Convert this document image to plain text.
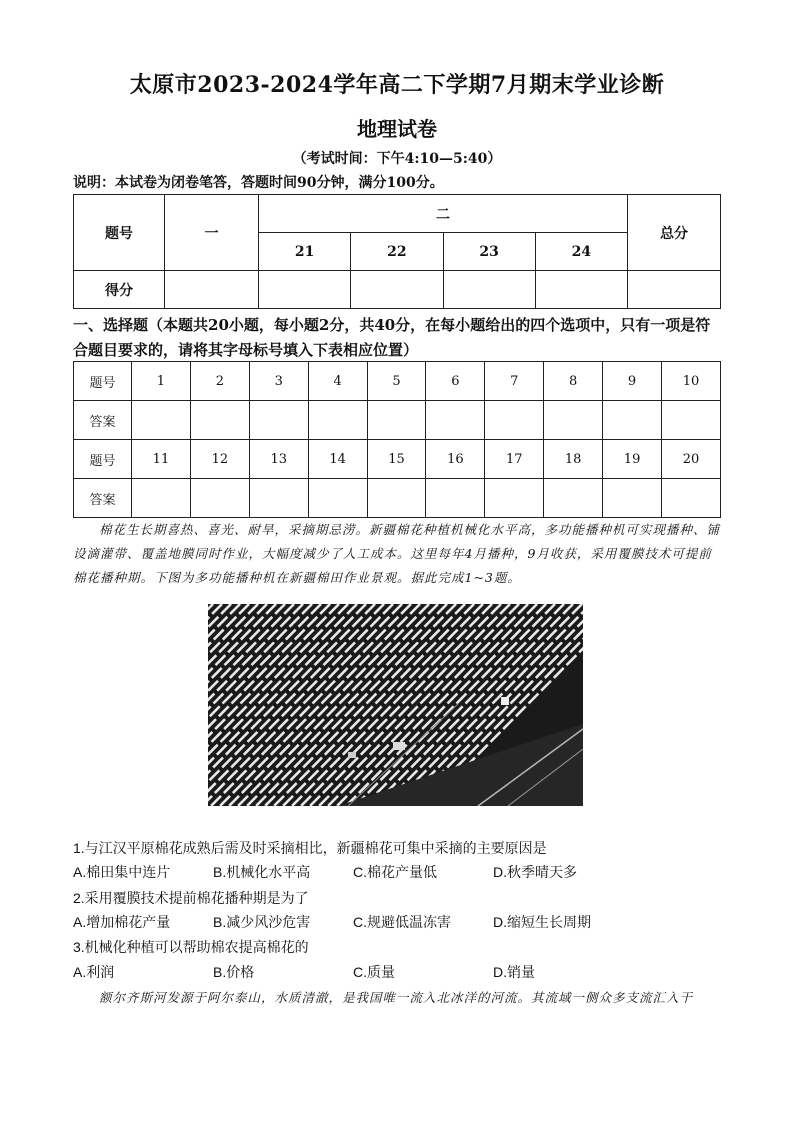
太原市2023-2024学年高二下学期7月期末学业诊断
地理试卷
（考试时间：下午4:10—5:40）
说明：本试卷为闭卷笔答，答题时间90分钟，满分100分。
题号	一	二				总分
		21	22	23	24	
得分						
一、选择题（本题共20小题，每小题2分，共40分，在每小题给出的四个选项中，只有一项是符合题目要求的，请将其字母标号填入下表相应位置）
题号	1	2	3	4	5	6	7	8	9	10
答案										
题号	11	12	13	14	15	16	17	18	19	20
答案										
棉花生长期喜热、喜光、耐旱，采摘期忌涝。新疆棉花种植机械化水平高，多功能播种机可实现播种、铺设滴灌带、覆盖地膜同时作业，大幅度减少了人工成本。这里每年4月播种，9月收获，采用覆膜技术可提前棉花播种期。下图为多功能播种机在新疆棉田作业景观。据此完成1~3题。
1.与江汉平原棉花成熟后需及时采摘相比，新疆棉花可集中采摘的主要原因是
A.棉田集中连片	B.机械化水平高	C.棉花产量低	D.秋季晴天多
2.采用覆膜技术提前棉花播种期是为了
A.增加棉花产量	B.减少风沙危害	C.规避低温冻害	D.缩短生长周期
3.机械化种植可以帮助棉农提高棉花的
A.利润	B.价格	C.质量	D.销量
额尔齐斯河发源于阿尔泰山，水质清澈，是我国唯一流入北冰洋的河流。其流域一侧众多支流汇入干
